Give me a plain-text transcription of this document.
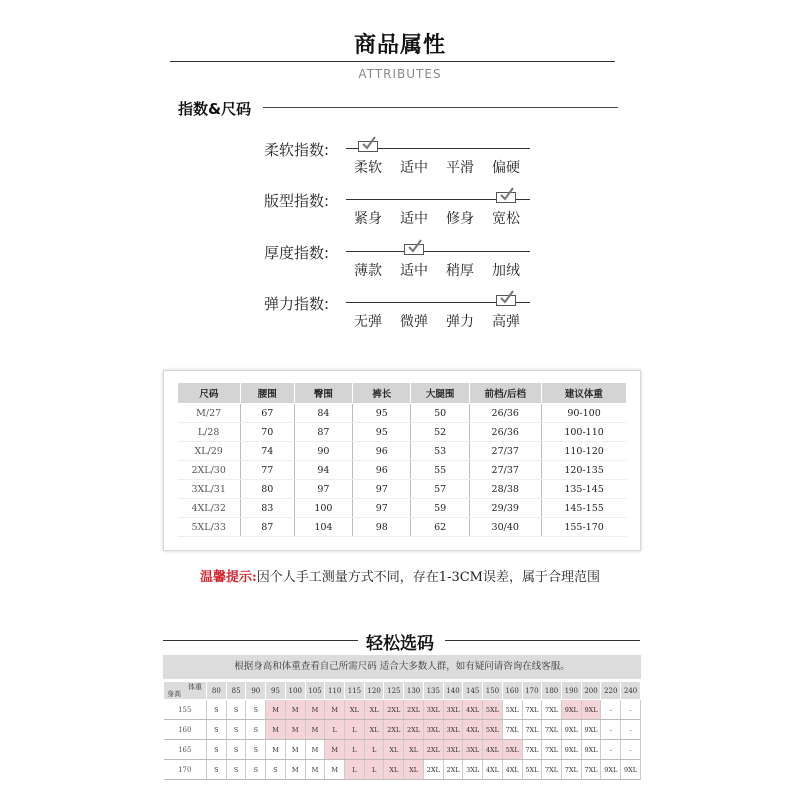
商品属性
ATTRIBUTES
指数&尺码
柔软指数:
柔软	适中	平滑	偏硬
版型指数:
紧身	适中	修身	宽松
厚度指数:
薄款	适中	稍厚	加绒
弹力指数:
无弹	微弹	弹力	高弹
尺码	腰围	臀围	裤长	大腿围	前档/后档	建议体重
M/27	67	84	95	50	26/36	90-100
L/28	70	87	95	52	26/36	100-110
XL/29	74	90	96	53	27/37	110-120
2XL/30	77	94	96	55	27/37	120-135
3XL/31	80	97	97	57	28/38	135-145
4XL/32	83	100	97	59	29/39	145-155
5XL/33	87	104	98	62	30/40	155-170
温馨提示:因个人手工测量方式不同，存在1-3CM误差，属于合理范围
轻松选码
根据身高和体重查看自己所需尺码 适合大多数人群，如有疑问请咨询在线客服。
体重
身高	80	85	90	95	100	105	110	115	120	125	130	135	140	145	150	160	170	180	190	200	220	240
155	S	S	S	M	M	M	M	XL	XL	2XL	2XL	3XL	3XL	4XL	5XL	5XL	7XL	7XL	9XL	9XL	-	-
160	S	S	S	M	M	M	L	L	XL	2XL	2XL	3XL	3XL	4XL	5XL	7XL	7XL	7XL	9XL	9XL	-	-
165	S	S	S	M	M	M	M	L	L	XL	XL	2XL	3XL	3XL	4XL	5XL	7XL	7XL	9XL	9XL	-	-
170	S	S	S	S	M	M	M	L	L	XL	XL	2XL	2XL	3XL	4XL	4XL	5XL	7XL	7XL	7XL	9XL	9XL
